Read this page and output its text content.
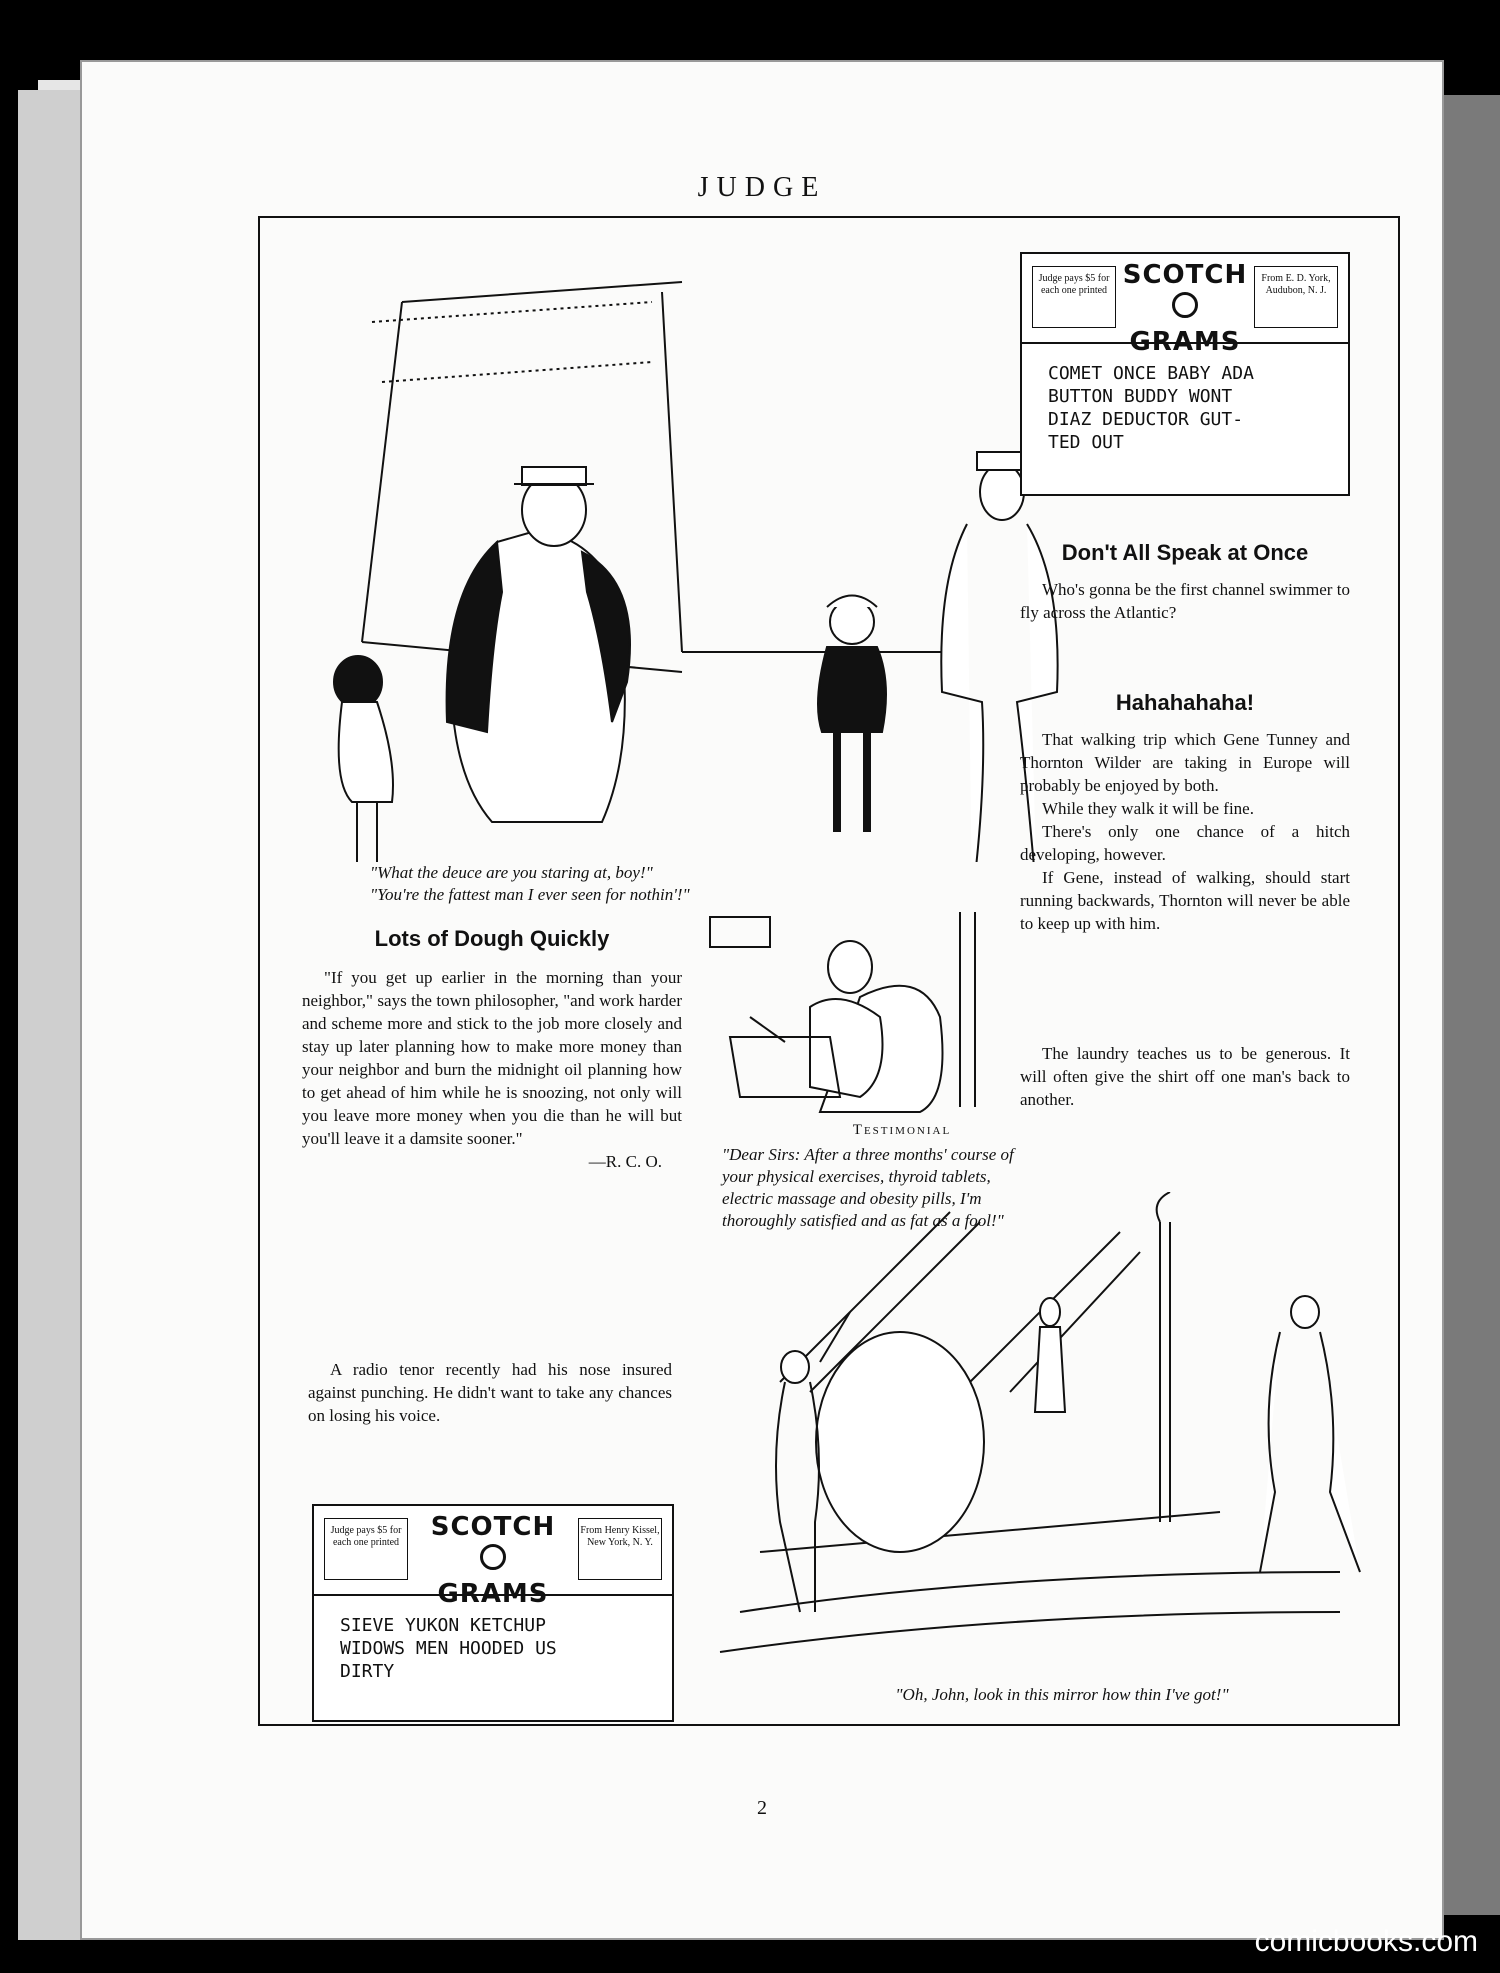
JUDGE
"What the deuce are you staring at, boy!"
"You're the fattest man I ever seen for nothin'!"
Judge pays $5 for each one printed
SCOTCH
GRAMS
From E. D. York, Audubon, N. J.
COMET ONCE BABY ADA
BUTTON BUDDY WONT
DIAZ DEDUCTOR GUT-
TED OUT
Don't All Speak at Once

Who's gonna be the first channel swimmer to fly across the Atlantic?

Hahahahaha!

That walking trip which Gene Tunney and Thornton Wilder are taking in Europe will probably be enjoyed by both.

While they walk it will be fine.

There's only one chance of a hitch developing, however.

If Gene, instead of walking, should start running backwards, Thornton will never be able to keep up with him.

The laundry teaches us to be generous. It will often give the shirt off one man's back to another.

Lots of Dough Quickly

"If you get up earlier in the morning than your neighbor," says the town philosopher, "and work harder and scheme more and stick to the job more closely and stay up later planning how to make more money than your neighbor and burn the midnight oil planning how to get ahead of him while he is snoozing, not only will you leave more money when you die than he will but you'll leave it a damsite sooner."

—R. C. O.
Testimonial
"Dear Sirs: After a three months' course of your physical exercises, thyroid tablets, electric massage and obesity pills, I'm thoroughly satisfied and as fat as a fool!"

A radio tenor recently had his nose insured against punching. He didn't want to take any chances on losing his voice.

Judge pays $5 for each one printed
SCOTCH
GRAMS
From Henry Kissel, New York, N. Y.
SIEVE YUKON KETCHUP
WIDOWS MEN HOODED US
DIRTY
"Oh, John, look in this mirror how thin I've got!"
2
comicbooks.com
